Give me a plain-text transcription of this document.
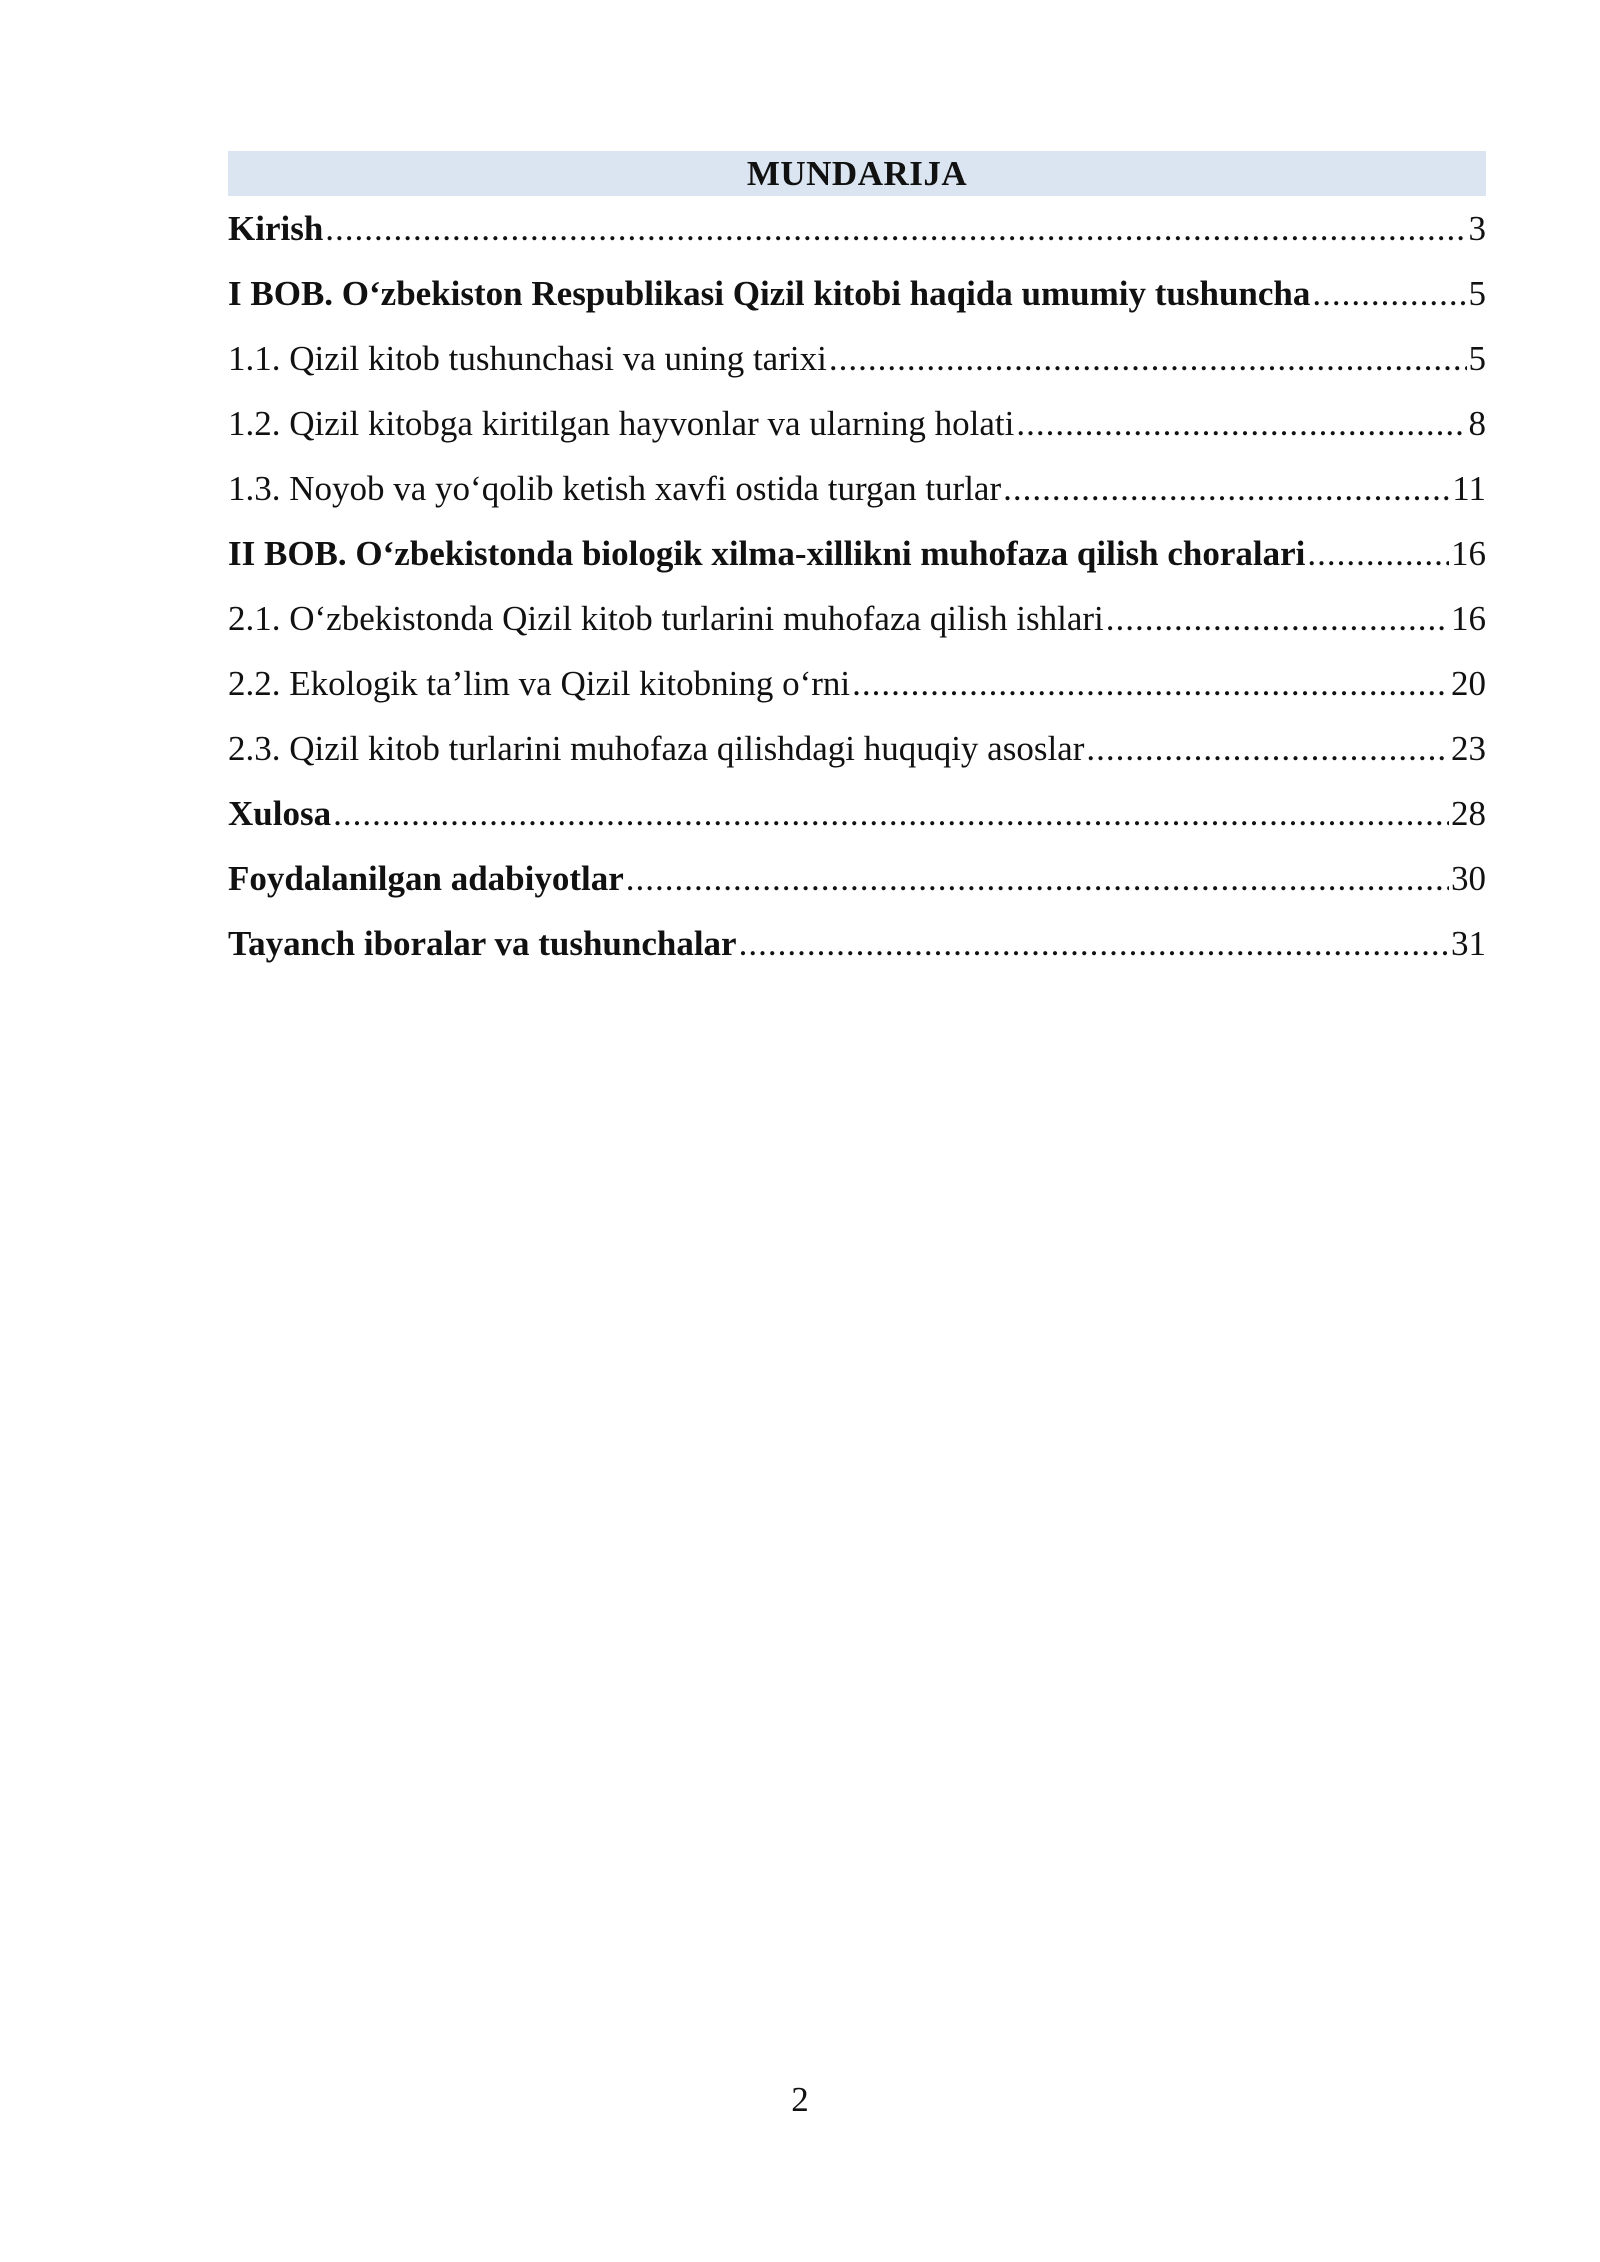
MUNDARIJA
Kirish .....	3
I BOB. O‘zbekiston Respublikasi Qizil kitobi haqida umumiy tushuncha .....	5
1.1. Qizil kitob tushunchasi va uning tarixi .....	5
1.2. Qizil kitobga kiritilgan hayvonlar va ularning holati .....	8
1.3. Noyob va yo‘qolib ketish xavfi ostida turgan turlar .....	11
II BOB. O‘zbekistonda biologik xilma-xillikni muhofaza qilish choralari .....	16
2.1. O‘zbekistonda Qizil kitob turlarini muhofaza qilish ishlari .....	16
2.2. Ekologik ta’lim va Qizil kitobning o‘rni .....	20
2.3. Qizil kitob turlarini muhofaza qilishdagi huquqiy asoslar .....	23
Xulosa .....	28
Foydalanilgan adabiyotlar .....	30
Tayanch iboralar va tushunchalar .....	31
2
